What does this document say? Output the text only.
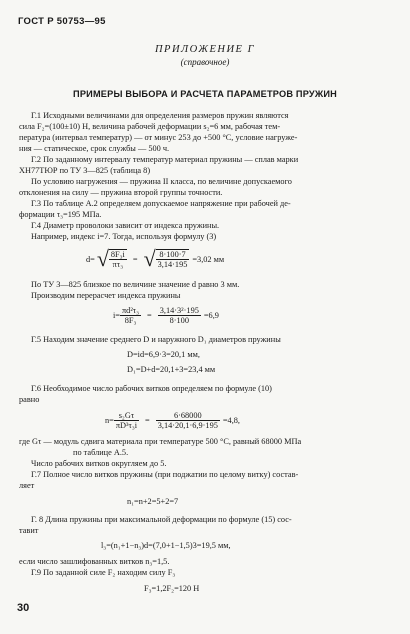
ГОСТ Р 50753—95
ПРИЛОЖЕНИЕ Г
(справочное)
ПРИМЕРЫ ВЫБОРА И РАСЧЕТА ПАРАМЕТРОВ ПРУЖИН
Г.1 Исходными величинами для определения размеров пружин являются
сила F₂=(100±10) Н, величина рабочей деформации s₂=6 мм, рабочая тем-
пература (интервал температур) — от минус 253 до +500 °С, условие нагруже-
ния — статическое, срок службы — 500 ч.
Г.2 По заданному интервалу температур материал пружины — сплав марки
ХН77ТЮР по ТУ 3—825 (таблица 8)
По условию нагружения — пружина II класса, по величине допускаемого
отклонения на силу — пружина второй группы точности.
Г.3 По таблице А.2 определяем допускаемое напряжение при рабочей де-
формации τ₃=195 МПа.
Г.4 Диаметр проволоки зависит от индекса пружины.
Например, индекс i=7. Тогда, используя формулу (3)
d= √ $\frac{\text{8F₃i}}{\text{πτ₃}}$ = √ $\frac{8\cdot 100\cdot 7}{3,14\cdot 195} =3,02$ мм
По ТУ 3—825 близкое по величине значение d равно 3 мм.
Производим перерасчет индекса пружины
$i= \frac{\text{πd²τ₃}}{\text{8F₃}} = \frac{\text{3,14·3²·195}}{8\cdot 100} =6,9$
Г.5 Находим значение среднего D и наружного D₁ диаметров пружины
D=id=6,9·3=20,1 мм,
D₁=D+d=20,1+3=23,4 мм
Г.6 Необходимое число рабочих витков определяем по формуле (10)
равно
$n= \frac{\text{s₂Gτ}}{\text{πD³τ₃i}} = \frac{6\cdot 68000}{3,14\cdot 20,1\cdot 6,9\cdot 195} =4,8$,
где Gτ — модуль сдвига материала при температуре 500 °С, равный 68000 МПа
по таблице А.5.
Число рабочих витков округляем до 5.
Г.7 Полное число витков пружины (при поджатии по целому витку) состав-
ляет
n₁=n+2=5+2=7
Г. 8 Длина пружины при максимальной деформации по формуле (15) сос-
тавит
l₃=(n₁+1−n₃)d=(7,0+1−1,5)3=19,5 мм,
если число зашлифованных витков n₃=1,5.
Г.9 По заданной силе F₂ находим силу F₃
F₃=1,2F₂=120 Н
30
